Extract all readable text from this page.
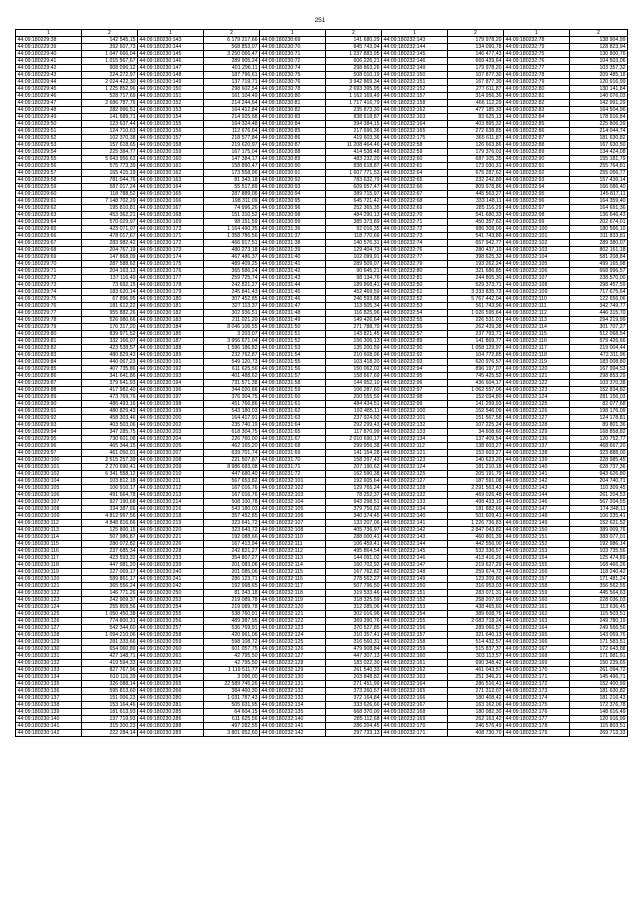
251
1	2	1	2	1	2	1	2	1	2
44:09:180229:38	142 545,15	44:09:180230:143	6 179 217,66	44:09:180230:69	141 680,29	44:09:180232:143	179 978,20	44:09:180232:78	138 904,99
44:09:180229:39	392 607,73	44:09:180230:144	568 853,07	44:09:180230:70	845 743,94	44:09:180232:144	134 090,78	44:09:180232:79	128 823,94
44:09:180229:40	1 047 666,04	44:09:180230:145	3 250 066,47	44:09:180230:71	1 237 883,95	44:09:180232:145	146 477,43	44:09:180232:75	130 800,76
44:09:180229:41	1 015 567,67	44:09:180230:146	289 905,24	44:09:180230:72	606 226,21	44:09:180232:146	669 439,64	44:09:180232:76	104 503,06
44:09:180229:42	908 096,12	44:09:180230:147	401 296,11	44:09:180230:74	298 863,26	44:09:180232:149	179 978,20	44:09:180232:77	103 357,32
44:09:180229:43	224 272,97	44:09:180230:148	187 796,61	44:09:180230:75	508 010,19	44:09:180232:150	107 877,30	44:09:180232:78	209 485,18
44:09:180229:44	2 024 422,30	44:09:180230:149	137 719,71	44:09:180230:76	3 942 869,34	44:09:180232:151	167 877,30	44:09:180232:79	120 916,99
44:09:180229:45	1 225 852,96	44:09:180230:150	298 602,54	44:09:180230:78	2 693 395,95	44:09:180232:152	277 611,87	44:09:180232:80	130 141,84
44:09:180229:46	528 717,69	44:09:180230:151	161 104,49	44:09:180230:80	1 162 169,49	44:09:180232:157	314 956,36	44:09:180232:81	140 076,03
44:09:180229:47	2 686 787,76	44:09:180230:152	214 244,64	44:09:180230:81	1 717 416,79	44:09:180232:158	466 112,29	44:09:180232:82	142 991,29
44:09:180229:48	282 996,51	44:09:180230:153	164 412,84	44:09:180230:82	235 873,30	44:09:180232:162	477 185,33	44:09:180232:83	164 504,96
44:09:180229:49	141 689,71	44:09:180230:154	214 925,68	44:09:180230:83	838 618,87	44:09:180232:163	83 625,13	44:09:180232:84	178 916,84
44:09:180229:50	123 637,44	44:09:180230:155	164 324,48	44:09:180230:84	394 384,15	44:09:180232:164	403 895,32	44:09:180232:85	225 806,39
44:09:180229:51	124 710,63	44:09:180230:156	112 676,64	44:09:180230:85	217 696,36	44:09:180232:165	272 638,85	44:09:180232:86	214 044,74
44:09:180229:52	102 370,38	44:09:180230:157	218 577,84	44:09:180230:86	419 603,36	44:09:180232:175	365 611,87	44:09:180232:87	181 630,82
44:09:180229:53	157 618,65	44:09:180230:158	219 620,97	44:09:180230:87	11 208 464,46	44:09:180232:58	126 663,86	44:09:180232:88	167 630,50
44:09:180229:54	225 384,77	44:09:180230:159	167 175,04	44:09:180230:88	414 538,48	44:09:180232:59	179 376,03	44:09:180232:89	134 424,08
44:09:180229:55	5 643 956,63	44:09:180230:160	147 384,17	44:09:180230:89	483 232,20	44:09:180232:60	687 105,35	44:09:180232:90	155 181,79
44:09:180229:56	575 773,39	44:09:180230:161	158 890,47	44:09:180230:90	838 618,87	44:09:180232:61	173 030,31	44:09:180232:91	255 764,81
44:09:180229:57	165 415,19	44:09:180230:162	173 558,96	44:09:180230:91	1 607 771,53	44:09:180232:64	675 287,62	44:09:180232:92	255 056,77
44:09:180229:58	781 044,76	44:09:180230:163	81 343,18	44:09:180230:92	783 632,79	44:09:180232:65	232 242,89	44:09:180232:93	157 436,14
44:09:180229:59	587 017,24	44:09:180230:164	55 517,89	44:09:180230:93	609 657,47	44:09:180232:66	809 978,86	44:09:180232:94	166 086,40
44:09:180229:60	118 788,52	44:09:180230:165	287 889,06	44:09:180230:94	389 715,97	44:09:180232:67	445 563,27	44:09:180232:95	145 817,11
44:09:180229:61	7 148 702,29	44:09:180230:166	198 311,09	44:09:180230:95	645 721,42	44:09:180232:68	333 148,11	44:09:180232:96	164 359,40
44:09:180229:62	195 810,81	44:09:180230:167	74 996,26	44:09:180230:96	252 365,35	44:09:180232:69	285 116,29	44:09:180232:97	164 691,36
44:09:180229:63	453 362,21	44:09:180230:168	151 310,52	44:09:180230:98	484 290,13	44:09:180232:70	541 680,33	44:09:180232:98	136 646,43
44:09:180229:64	570 029,97	44:09:180230:169	98 151,59	44:09:180230:99	385 373,89	44:09:180232:71	450 357,62	44:09:180232:99	202 674,01
44:09:180229:65	423 071,07	44:09:180230:173	1 164 490,35	44:09:180231:36	92 016,35	44:09:180232:72	986 308,09	44:09:180232:100	180 566,10
44:09:180229:66	478 017,67	44:09:180230:171	1 358 786,56	44:09:180231:37	118 770,66	44:09:180232:73	541 743,86	44:09:180232:101	311 833,81
44:09:180229:67	283 982,42	44:09:180230:172	466 917,51	44:09:180231:38	140 576,31	44:09:180232:74	657 942,77	44:09:180232:102	289 380,07
44:09:180229:68	204 767,19	44:09:180230:173	480 273,18	44:09:180231:39	129 404,73	44:09:180232:76	280 437,10	44:09:180232:103	802 161,18
44:09:180229:69	147 868,09	44:09:180230:174	467 486,37	44:09:180231:40	102 099,91	44:09:180232:77	398 625,32	44:09:180232:104	581 208,84
44:09:180229:70	287 588,62	44:09:180230:175	489 409,25	44:09:180231:41	289 509,07	44:09:180232:79	193 262,24	44:09:180232:105	499 165,98
44:09:180229:71	204 163,13	44:09:180230:176	365 586,24	44:09:180231:42	90 645,21	44:09:180232:80	321 686,85	44:09:180232:106	668 996,57
44:09:180229:72	137 116,49	44:09:180230:177	259 725,74	44:09:180231:43	98 134,76	44:09:180232:81	244 805,30	44:09:180232:107	238 570,00
44:09:180229:73	73 692,15	44:09:180230:178	242 821,27	44:09:180231:44	189 868,41	44:09:180232:50	529 373,71	44:09:180232:108	298 457,59
44:09:180229:74	183 620,14	44:09:180230:179	245 841,43	44:09:180231:45	452 469,59	44:09:180232:51	3 333 835,73	44:09:180232:109	717 675,64
44:09:180229:75	67 896,95	44:09:180230:180	307 452,85	44:09:180231:46	246 593,88	44:09:180232:52	5 767 442,04	44:09:180232:110	122 656,06
44:09:180229:76	181 612,22	44:09:180230:181	327 113,37	44:09:180231:47	113 505,34	44:09:180232:53	561 743,96	44:09:180232:111	342 749,77
44:09:180229:77	955 882,26	44:09:180230:182	302 936,51	44:09:180231:48	116 825,96	44:09:180232:54	1 026 595,64	44:09:180232:112	446 315,70
44:09:180229:78	526 980,66	44:09:180230:183	211 021,20	44:09:180231:49	149 426,64	44:09:180232:55	226 531,01	44:09:180232:113	294 219,99
44:09:180229:79	176 317,20	44:09:180230:184	8 046 106,55	44:09:180231:50	271 788,70	44:09:180232:56	262 439,38	44:09:180232:114	301 707,27
44:09:180229:80	839 971,52	44:09:180230:185	3 203,07	44:09:180231:51	143 821,45	44:09:180232:57	237 793,71	44:09:180232:115	512 068,54
44:09:180229:81	332 166,07	44:09:180230:187	3 956 671,04	44:09:180231:52	156 306,13	44:09:180232:89	141 869,77	44:09:180232:116	579 426,66
44:09:180229:82	423 538,57	44:09:180230:188	1 596 186,82	44:09:180231:53	135 200,59	44:09:180232:90	1 058 129,97	44:09:180232:117	219 004,44
44:09:180229:83	480 829,43	44:09:180230:189	232 762,87	44:09:180231:54	210 608,96	44:09:180232:92	104 772,85	44:09:180232:118	472 311,96
44:09:180229:84	440 067,23	44:09:180230:191	549 120,73	44:09:180231:55	103 418,20	44:09:180232:93	620 976,57	44:09:180232:119	183 008,80
44:09:180229:85	407 735,86	44:09:180230:192	611 625,56	44:09:180231:56	150 062,02	44:09:180232:94	896 197,07	44:09:180232:120	167 994,53
44:09:180229:86	341 641,86	44:09:180230:193	401 488,62	44:09:180231:57	158 667,69	44:09:180232:95	745 425,52	44:09:180232:121	298 853,29
44:09:180229:87	379 641,93	44:09:180230:194	731 571,38	44:09:180231:58	144 952,10	44:09:180232:96	436 604,17	44:09:180232:122	103 370,38
44:09:180229:88	417 982,40	44:09:180230:196	344 020,66	44:09:180231:59	106 287,60	44:09:180232:97	1 062 557,06	44:09:180232:123	152 834,82
44:09:180229:89	473 769,76	44:09:180230:197	376 304,75	44:09:180231:60	200 555,59	44:09:180232:98	152 034,80	44:09:180232:124	281 156,03
44:09:180229:90	486 493,16	44:09:180230:198	451 766,86	44:09:180231:61	484 434,51	44:09:180232:99	141 299,93	44:09:180232:125	82 077,68
44:09:180229:91	480 829,43	44:09:180230:199	543 180,03	44:09:180231:62	192 485,11	44:09:180232:100	152 546,09	44:09:180232:126	198 176,09
44:09:180229:92	458 303,46	44:09:180230:200	164 417,91	44:09:180231:63	237 924,92	44:09:180232:101	151 567,58	44:09:180232:127	124 178,81
44:09:180229:93	403 503,06	44:09:180230:202	235 740,19	44:09:180231:64	292 299,43	44:09:180232:132	107 225,24	44:09:180232:128	89 801,36
44:09:180229:94	347 285,75	44:09:180230:203	618 304,75	44:09:180231:65	117 870,99	44:09:180232:133	34 608,60	44:09:180232:129	168 858,82
44:09:180229:95	730 601,08	44:09:180230:204	226 760,00	44:09:180231:67	2 010 690,17	44:09:180232:134	137 409,54	44:09:180232:136	120 752,77
44:09:180229:96	465 344,15	44:09:180230:205	462 165,20	44:09:180231:68	299 956,38	44:09:180232:112	138 603,27	44:09:180232:137	468 667,20
44:09:180229:97	461 050,01	44:09:180230:207	639 701,74	44:09:180231:69	141 154,28	44:09:180232:121	153 603,27	44:09:180232:138	323 888,00
44:09:180230:100	2 515 257,39	44:09:180230:208	221 507,87	44:09:180231:70	158 297,43	44:09:180232:123	140 623,20	44:09:180232:139	228 985,45
44:09:180230:101	2 270 690,41	44:09:180230:209	8 986 683,08	44:09:180231:71	207 190,62	44:09:180232:124	181 210,18	44:09:180232:140	628 737,36
44:09:180230:102	6 341 558,12	44:09:180230:210	447 680,40	44:09:180231:72	162 590,38	44:09:180232:125	205 191,79	44:09:180232:141	943 626,80
44:09:180230:104	103 812,18	44:09:180230:211	567 653,82	44:09:180232:101	192 605,64	44:09:180232:127	187 591,08	44:09:180232:142	204 740,71
44:09:180230:105	106 910,17	44:09:180230:212	167 016,76	44:09:180232:102	129 765,24	44:09:180232:128	2 291 563,43	44:09:180232:143	110 309,45
44:09:180230:106	491 664,78	44:09:180230:213	167 016,76	44:09:180232:103	78 252,37	44:09:180232:132	469 026,48	44:09:180232:144	261 204,53
44:09:180230:107	927 190,68	44:09:180230:214	508 100,78	44:09:180232:104	943 298,51	44:09:180232:133	498 433,10	44:09:180232:146	567 204,55
44:09:180230:108	334 387,66	44:09:180230:216	543 180,03	44:09:180232:105	379 756,62	44:09:180232:134	181 882,66	44:09:180232:147	174 348,11
44:09:180230:109	4 812 997,56	44:09:180230:218	357 452,85	44:09:180232:106	340 374,45	44:09:180232:140	501 609,41	44:09:180232:148	106 335,41
44:09:180230:112	4 848 816,66	44:09:180230:219	323 641,72	44:09:180232:107	133 207,06	44:09:180232:141	1 226 736,83	44:09:180232:149	152 621,52
44:09:180230:113	125 800,15	44:09:180230:220	323 643,72	44:09:180232:108	405 736,97	44:09:180232:142	2 847 043,82	44:09:180232:150	389 009,76
44:09:180230:114	507 986,87	44:09:180230:221	192 088,66	44:09:180232:110	288 000,41	44:09:180232:143	460 801,39	44:09:180232:151	383 077,01
44:09:180230:115	280 072,82	44:09:180230:226	167 413,94	44:09:180232:111	106 459,41	44:09:180232:144	442 556,00	44:09:180232:152	192 986,14
44:09:180230:116	237 685,34	44:09:180230:228	242 821,27	44:09:180232:112	495 864,54	44:09:180232:145	532 336,57	44:09:180232:153	103 735,56
44:09:180230:117	423 593,32	44:09:180230:233	354 807,27	44:09:180232:113	144 091,02	44:09:180232:146	413 416,26	44:09:180232:154	125 474,89
44:09:180230:118	447 981,20	44:09:180230:239	201 083,06	44:09:180232:114	160 702,92	44:09:180232:147	219 627,29	44:09:180232:155	168 466,26
44:09:180230:119	227 069,17	44:09:180230:240	201 085,06	44:09:180232:115	167 762,82	44:09:180232:148	259 674,72	44:09:180232:156	118 240,42
44:09:180230:120	589 861,17	44:09:180230:241	286 123,71	44:09:180232:116	278 562,27	44:09:180232:149	123 209,80	44:09:180232:157	171 481,24
44:09:180230:121	365 556,24	44:09:180230:242	192 998,65	44:09:180232:117	507 796,50	44:09:180232:150	316 953,03	44:09:180232:158	356 562,55
44:09:180230:122	146 771,26	44:09:180230:250	81 343,18	44:09:180232:118	319 533,46	44:09:180232:151	283 071,31	44:09:180232:159	445 564,63
44:09:180230:123	242 909,37	44:09:180230:253	219 089,78	44:09:180232:119	318 325,59	44:09:180232:152	258 207,92	44:09:180232:160	228 036,03
44:09:180230:124	255 809,56	44:09:180230:254	219 089,78	44:09:180232:120	312 285,06	44:09:180232:153	438 465,60	44:09:180232:161	113 636,45
44:09:180230:125	1 050 450,38	44:09:180230:255	538 760,91	44:09:180232:121	302 016,96	44:09:180232:154	389 608,76	44:09:180232:162	115 503,51
44:09:180230:126	774 800,31	44:09:180230:256	489 387,95	44:09:180232:122	369 390,76	44:09:180232:155	2 083 718,24	44:09:180232:163	249 780,19
44:09:180230:127	542 344,60	44:09:180230:257	536 769,91	44:09:180232:123	370 527,85	44:09:180232:156	289 066,57	44:09:180232:164	249 566,56
44:09:180230:128	1 094 210,06	44:09:180230:258	420 961,06	44:09:180232:124	310 357,41	44:09:180232:157	321 640,13	44:09:180232:165	143 059,76
44:09:180230:129	281 333,66	44:09:180230:259	598 108,72	44:09:180232:125	316 560,31	44:09:180232:158	514 432,57	44:09:180232:166	171 583,51
44:09:180230:130	654 060,89	44:09:180230:260	601 057,75	44:09:180232:126	479 908,84	44:09:180232:159	515 837,37	44:09:180232:167	172 643,88
44:09:180230:131	427 148,71	44:09:180230:261	42 795,50	44:09:180232:127	447 307,13	44:09:180232:160	303 113,57	44:09:180232:168	171 981,91
44:09:180230:132	419 594,33	44:09:180230:262	42 795,50	44:09:180232:128	183 022,30	44:09:180232:161	690 348,42	44:09:180232:169	150 239,65
44:09:180230:133	827 767,96	44:09:180230:263	1 119 511,77	44:09:180232:129	261 540,33	44:09:180232:162	461 043,57	44:09:180232:170	261 094,72
44:09:180230:134	610 116,39	44:09:180230:264	3 096,00	44:09:180232:130	203 848,82	44:09:180232:163	251 346,21	44:09:180232:171	145 496,71
44:09:180230:135	326 088,14	44:09:180230:265	22 589 745,26	44:09:180232:131	271 451,99	44:09:180232:164	286 516,41	44:09:180232:172	152 400,99
44:09:180230:136	595 813,60	44:09:180230:266	384 460,30	44:09:180232:132	373 260,57	44:09:180232:165	271 312,07	44:09:180232:173	181 630,82
44:09:180230:137	151 006,23	44:09:180230:280	1 031 787,43	44:09:180232:133	372 164,84	44:09:180232:166	180 408,42	44:09:180232:174	181 216,43
44:09:180230:138	153 164,46	44:09:180230:281	505 631,95	44:09:180232:134	333 626,66	44:09:180232:167	163 162,06	44:09:180232:175	172 376,78
44:09:180230:139	181 613,93	44:09:180230:285	64 604,15	44:09:180232:135	668 370,00	44:09:180232:168	180 082,30	44:09:180232:176	148 616,49
44:09:180230:140	137 719,93	44:09:180230:286	611 625,56	44:09:180232:140	285 112,68	44:09:180232:169	262 163,42	44:09:180232:177	120 916,99
44:09:180230:141	315 300,23	44:09:180230:288	497 282,55	44:09:180232:141	286 204,45	44:09:180232:170	246 576,49	44:09:180232:178	115 803,51
44:09:180230:142	222 284,14	44:09:180230:289	3 801 952,60	44:09:180232:142	297 733,13	44:09:180232:171	408 730,70	44:09:180232:179	269 713,33
